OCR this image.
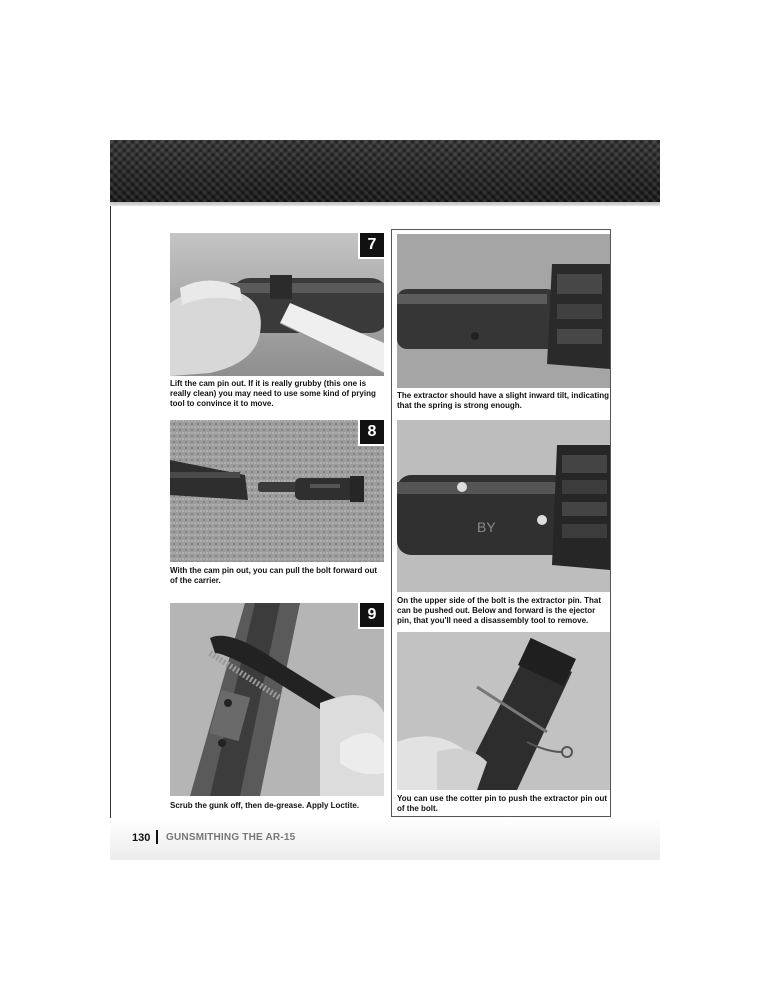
7
Lift the cam pin out. If it is really grubby (this one is really clean) you may need to use some kind of prying tool to convince it to move.
8
With the cam pin out, you can pull the bolt forward out of the carrier.
9
Scrub the gunk off, then de-grease. Apply Loctite.
The extractor should have a slight inward tilt, indicating that the spring is strong enough.
BY
On the upper side of the bolt is the extractor pin. That can be pushed out. Below and forward is the ejector pin, that you'll need a disassembly tool to remove.
You can use the cotter pin to push the extractor pin out of the bolt.
130 GUNSMITHING THE AR-15
